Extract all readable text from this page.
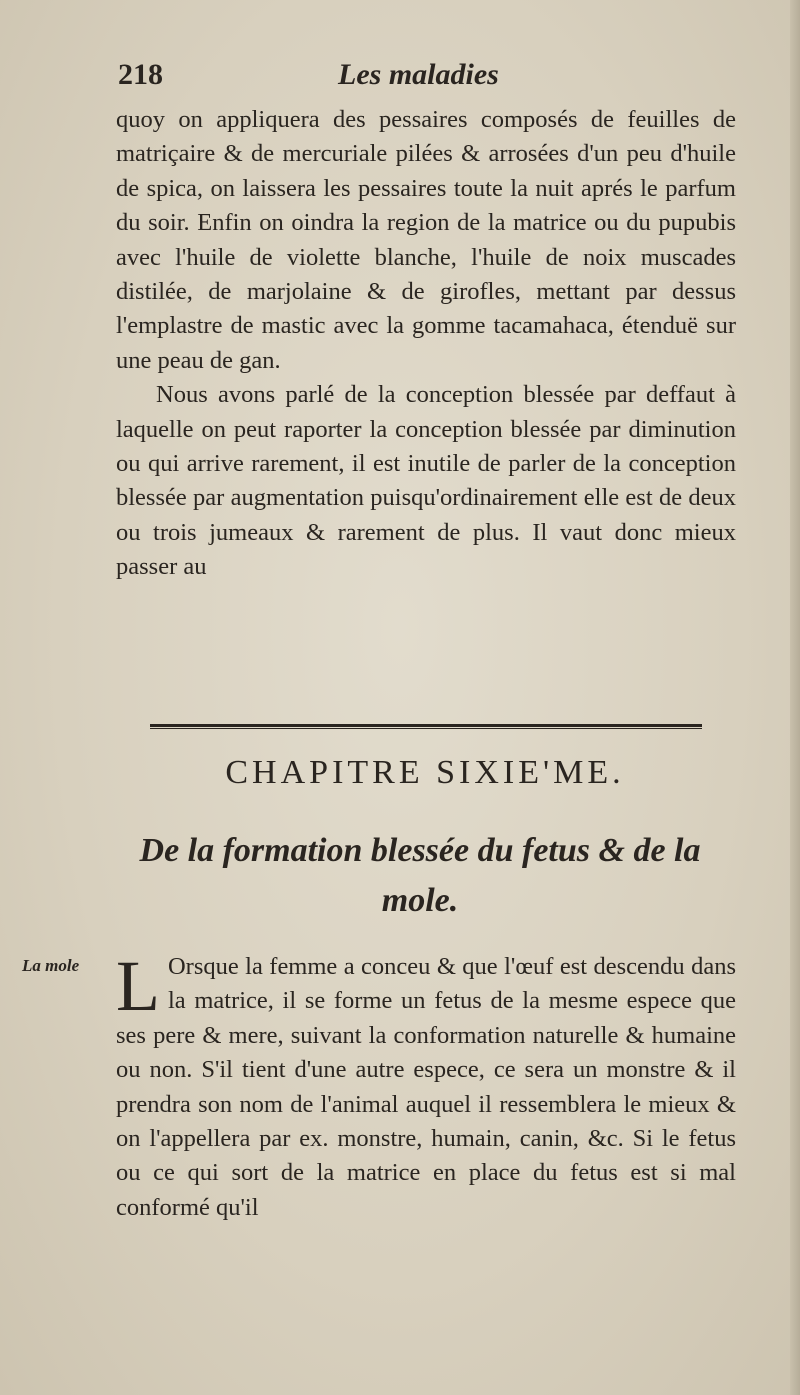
218	Les maladies

quoy on appliquera des pessaires composés de feuilles de matriçaire & de mercuriale pilées & arrosées d'un peu d'huile de spica, on laissera les pessaires toute la nuit aprés le parfum du soir. Enfin on oindra la region de la matrice ou du pupubis avec l'huile de violette blanche, l'huile de noix muscades distilée, de marjolaine & de girofles, mettant par dessus l'emplastre de mastic avec la gomme tacamahaca, étenduë sur une peau de gan.

Nous avons parlé de la conception blessée par deffaut à laquelle on peut raporter la conception blessée par diminution ou qui arrive rarement, il est inutile de parler de la conception blessée par augmentation puisqu'ordinairement elle est de deux ou trois jumeaux & rarement de plus. Il vaut donc mieux passer au

CHAPITRE SIXIE'ME.
De la formation blessée du fetus & de la mole.
La mole L Orsque la femme a conceu & que l'œuf est descendu dans la matrice, il se forme un fetus de la mesme espece que ses pere & mere, suivant la conformation naturelle & humaine ou non. S'il tient d'une autre espece, ce sera un monstre & il prendra son nom de l'animal auquel il ressemblera le mieux & on l'appellera par ex. monstre, humain, canin, &c. Si le fetus ou ce qui sort de la matrice en place du fetus est si mal conformé qu'il
